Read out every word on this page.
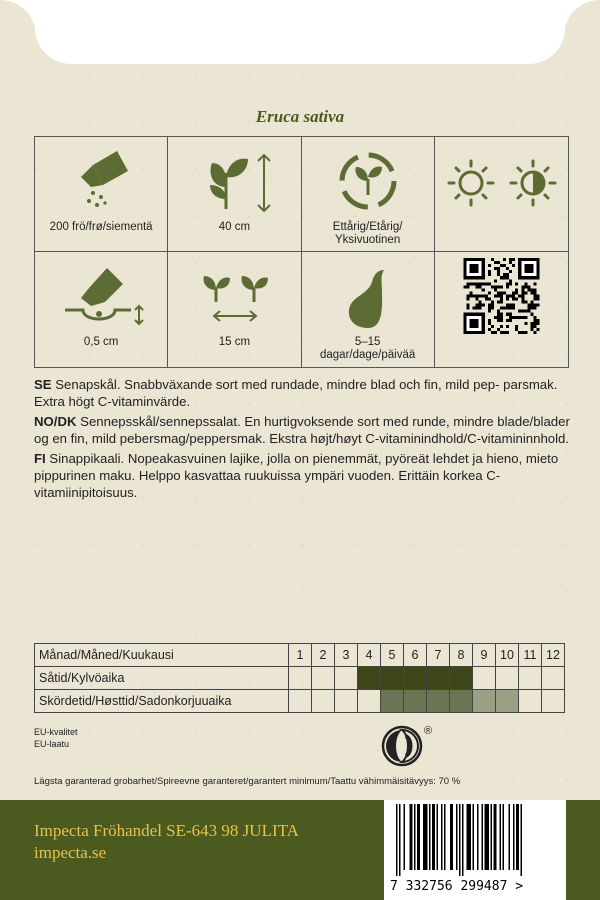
Eruca sativa
200 frö/frø/siementä	40 cm	Ettårig/Etårig/
Yksivuotinen
0,5 cm	15 cm	5–15
dagar/dage/päivää

SE Senapskål. Snabbväxande sort med rundade, mindre blad och fin, mild pep- parsmak. Extra högt C-vitaminvärde.

NO/DK Sennepsskål/sennepssalat. En hurtigvoksende sort med runde, mindre blade/blader og en fin, mild pebersmag/peppersmak. Ekstra højt/høyt C-vitaminindhold/C-vitamininnhold.

FI Sinappikaali. Nopeakasvuinen lajike, jolla on pienemmät, pyöreät lehdet ja hieno, mieto pippurinen maku. Helppo kasvattaa ruukuissa ympäri vuoden. Erittäin korkea C-vitamiinipitoisuus.

Månad/Måned/Kuukausi	1	2	3	4	5	6	7	8	9	10	11	12
Såtid/Kylvöaika												
Skördetid/Høsttid/Sadonkorjuuaika												
EU-kvalitet
EU-laatu
®
Lägsta garanterad grobarhet/Spireevne garanteret/garantert minimum/Taattu vähimmäisitävyys: 70 %
Impecta Fröhandel SE-643 98 JULITA
impecta.se
7 332756 299487 >
